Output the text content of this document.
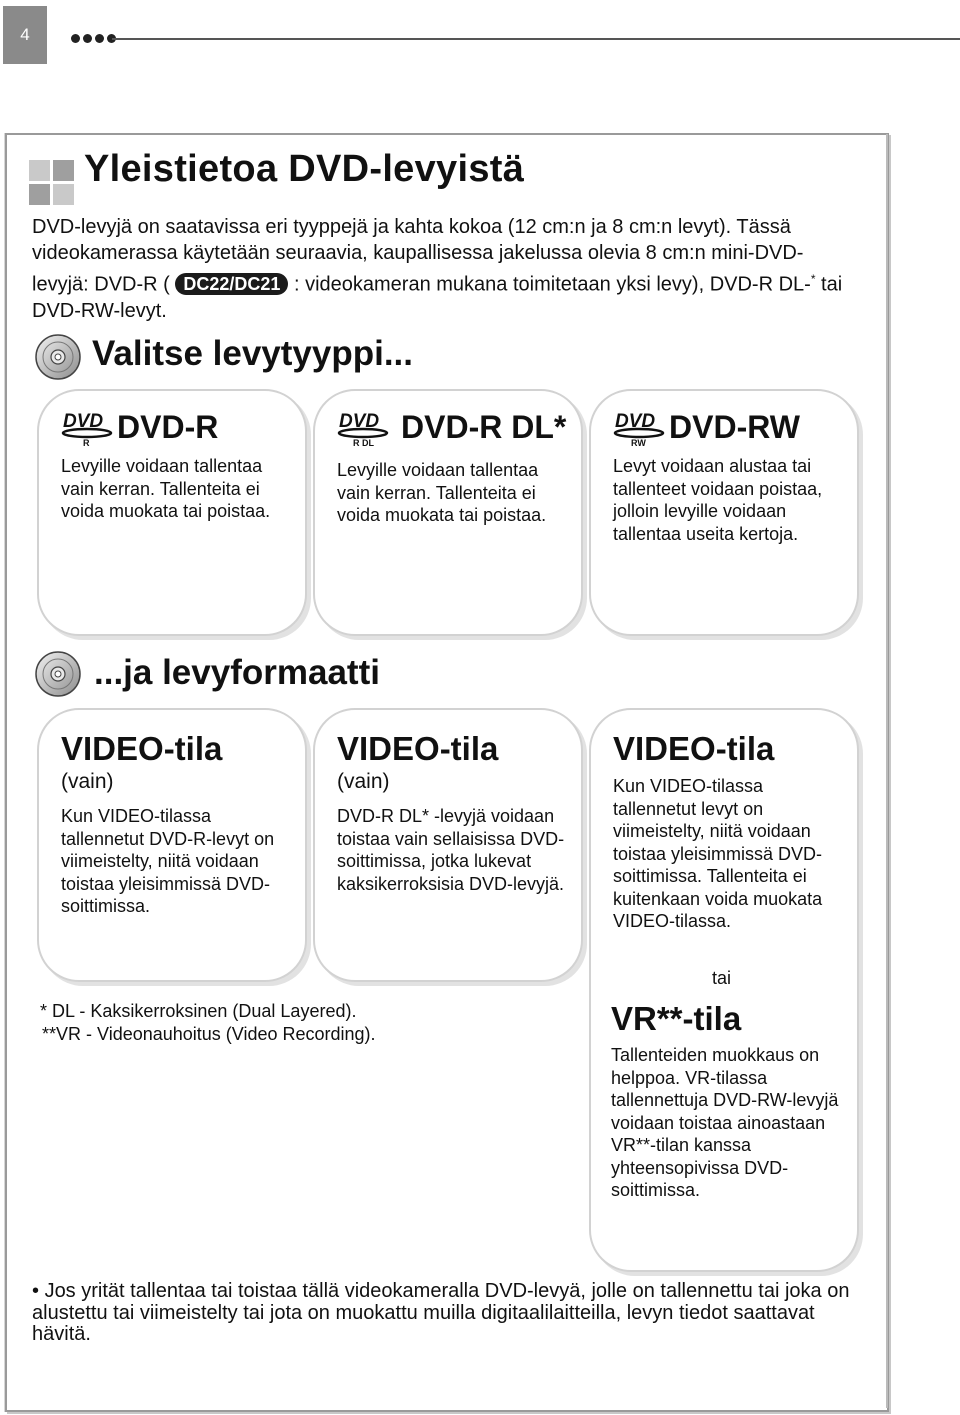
4
Yleistietoa DVD-levyistä
DVD-levyjä on saatavissa eri tyyppejä ja kahta kokoa (12 cm:n ja 8 cm:n levyt). Tässä videokamerassa käytetään seuraavia, kaupallisessa jakelussa olevia 8 cm:n mini-DVD-levyjä: DVD-R ( DC22/DC21 : videokameran mukana toimitetaan yksi levy), DVD-R DL-* tai DVD-RW-levyt.
Valitse levytyyppi...
DVD DVD-R
R
Levyille voidaan tallentaa vain kerran. Tallenteita ei voida muokata tai poistaa.
DVD DVD-R DL*
R DL
Levyille voidaan tallentaa vain kerran. Tallenteita ei voida muokata tai poistaa.
DVD DVD-RW
RW
Levyt voidaan alustaa tai tallenteet voidaan poistaa, jolloin levyille voidaan tallentaa useita kertoja.
...ja levyformaatti
VIDEO-tila
(vain)
Kun VIDEO-tilassa tallennetut DVD-R-levyt on viimeistelty, niitä voidaan toistaa yleisimmissä DVD-soittimissa.
VIDEO-tila
(vain)
DVD-R DL* -levyjä voidaan toistaa vain sellaisissa DVD-soittimissa, jotka lukevat kaksikerroksisia DVD-levyjä.
VIDEO-tila
Kun VIDEO-tilassa tallennetut levyt on viimeistelty, niitä voidaan toistaa yleisimmissä DVD-soittimissa. Tallenteita ei kuitenkaan voida muokata VIDEO-tilassa.
tai
VR**-tila
Tallenteiden muokkaus on helppoa. VR-tilassa tallennettuja DVD-RW-levyjä voidaan toistaa ainoastaan VR**-tilan kanssa yhteensopivissa DVD-soittimissa.
* DL - Kaksikerroksinen (Dual Layered).
**VR - Videonauhoitus (Video Recording).
• Jos yrität tallentaa tai toistaa tällä videokameralla DVD-levyä, jolle on tallennettu tai joka on alustettu tai viimeistelty tai jota on muokattu muilla digitaalilaitteilla, levyn tiedot saattavat hävitä.
